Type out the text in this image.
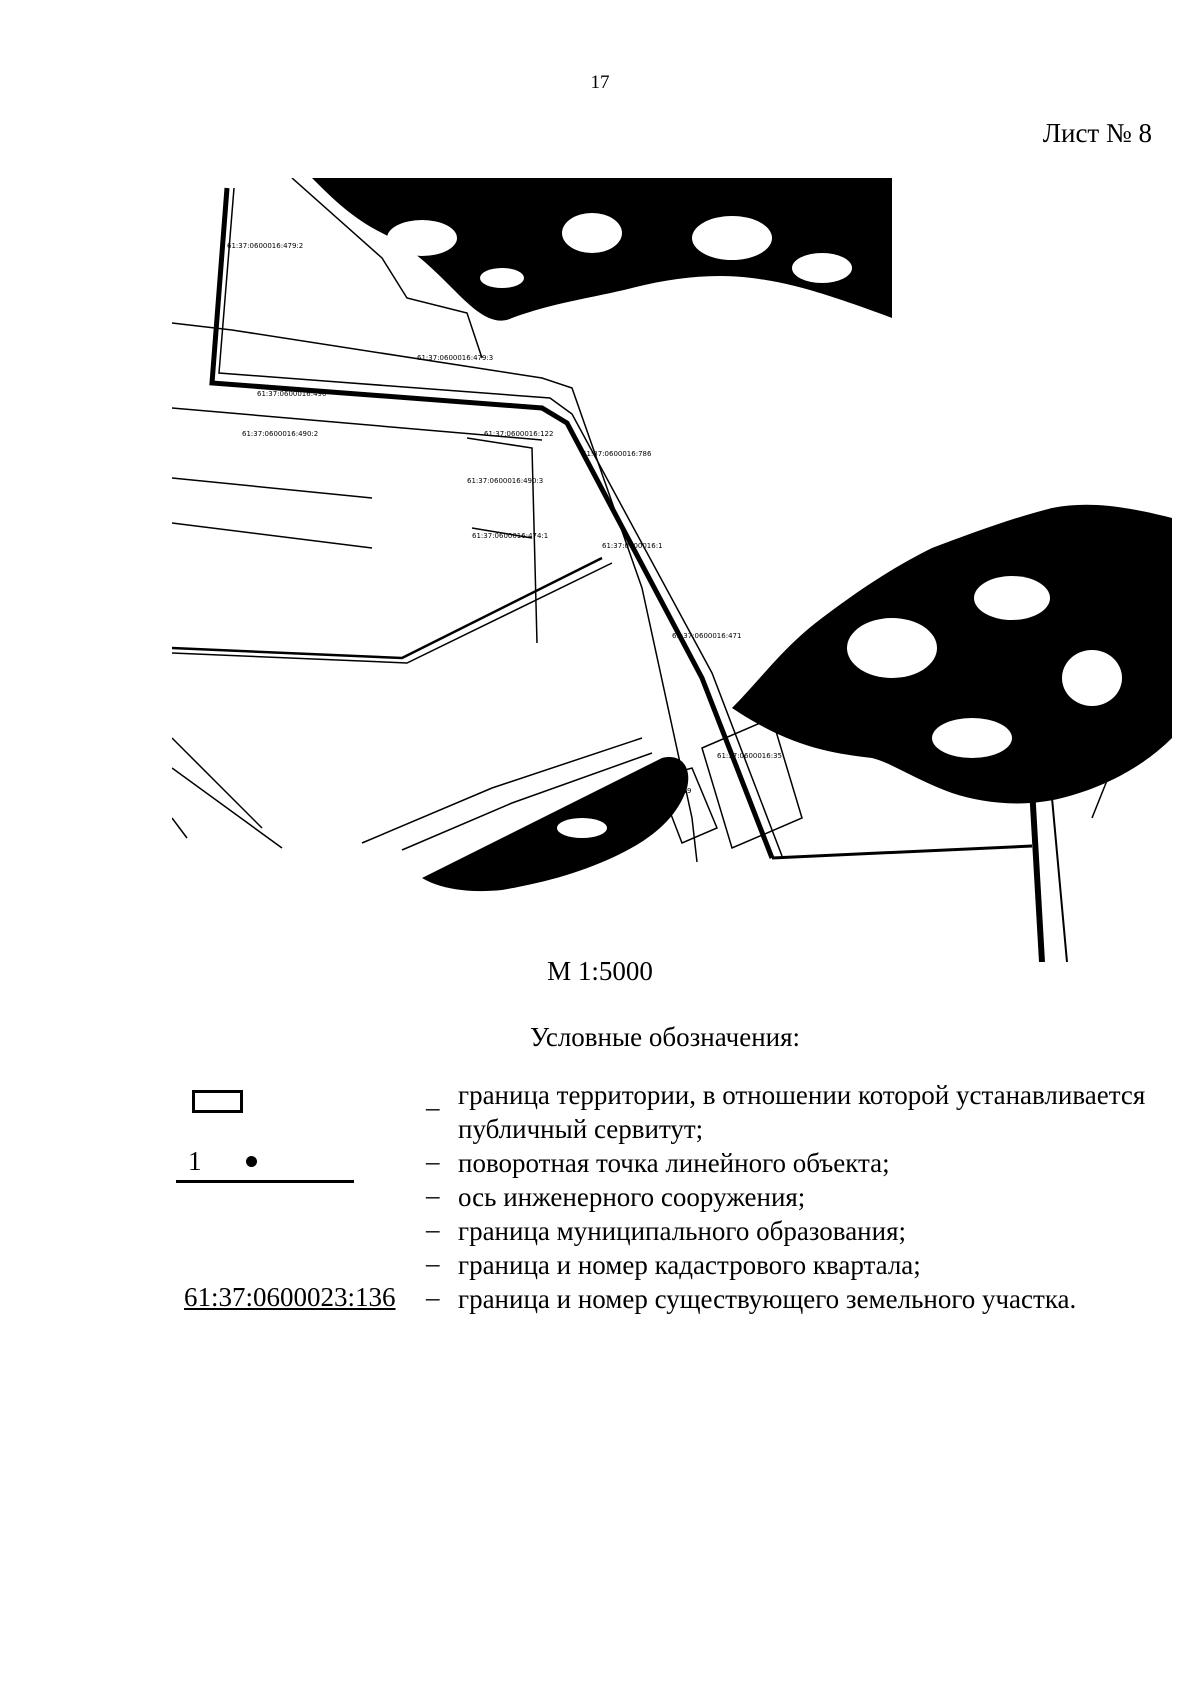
17
Лист № 8
61:37:0600016:479:2
61:37:0600016:479:3
61:37:0600016:490
61:37:0600016:490:2	61:37:0600016:122
61:37:0600016:490:3
61:37:0600016:474:1
61:37:0600016:786
61:37:0600016:471
61:37:0600016:35
61:37:0600016:129
61:37:0600016:1
М 1:5000
Условные обозначения:
– граница территории, в отношении которой устанавливается публичный сервитут;
1	– поворотная точка линейного объекта;
– ось инженерного сооружения;
– граница муниципального образования;
– граница и номер кадастрового квартала;
61:37:0600023:136 – граница и номер существующего земельного участка.
